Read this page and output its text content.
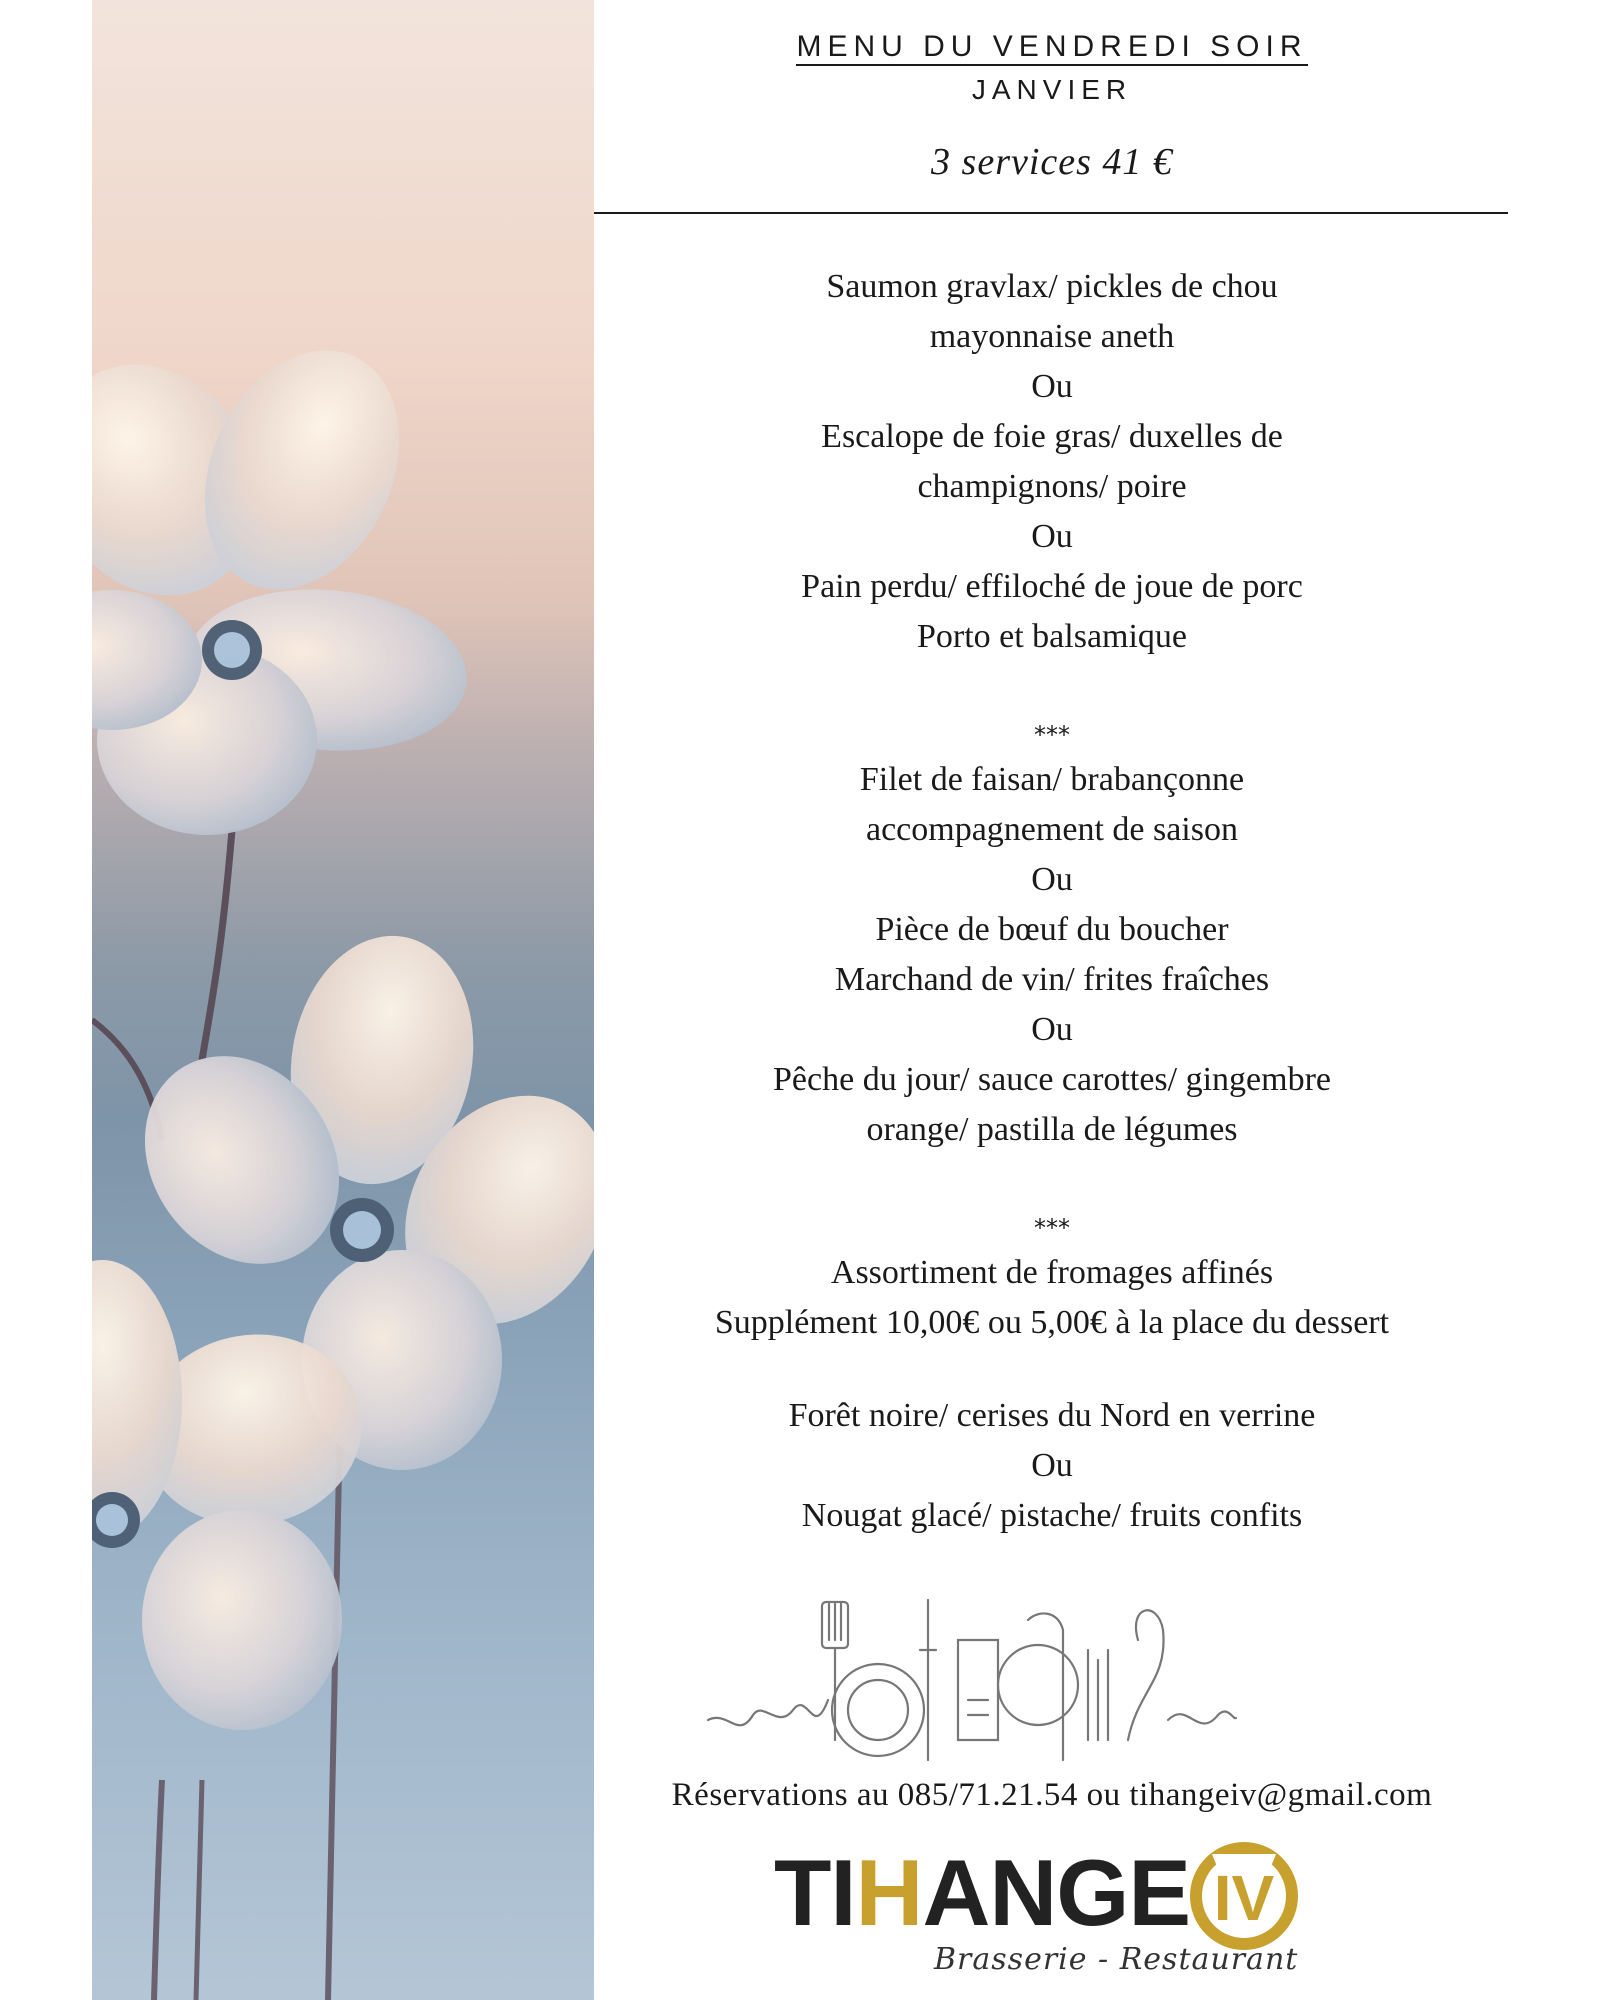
MENU DU VENDREDI SOIR
JANVIER
3 services 41 €
Saumon gravlax/ pickles de chou
mayonnaise aneth
Ou
Escalope de foie gras/ duxelles de
champignons/ poire
Ou
Pain perdu/ effiloché de joue de porc
Porto et balsamique
***
Filet de faisan/ brabançonne
accompagnement de saison
Ou
Pièce de bœuf du boucher
Marchand de vin/ frites fraîches
Ou
Pêche du jour/ sauce carottes/ gingembre
orange/ pastilla de légumes
***
Assortiment de fromages affinés
Supplément 10,00€ ou 5,00€ à la place du dessert
Forêt noire/ cerises du Nord en verrine
Ou
Nougat glacé/ pistache/ fruits confits
Réservations au 085/71.21.54 ou tihangeiv@gmail.com
TIHANGE IV
Brasserie - Restaurant
